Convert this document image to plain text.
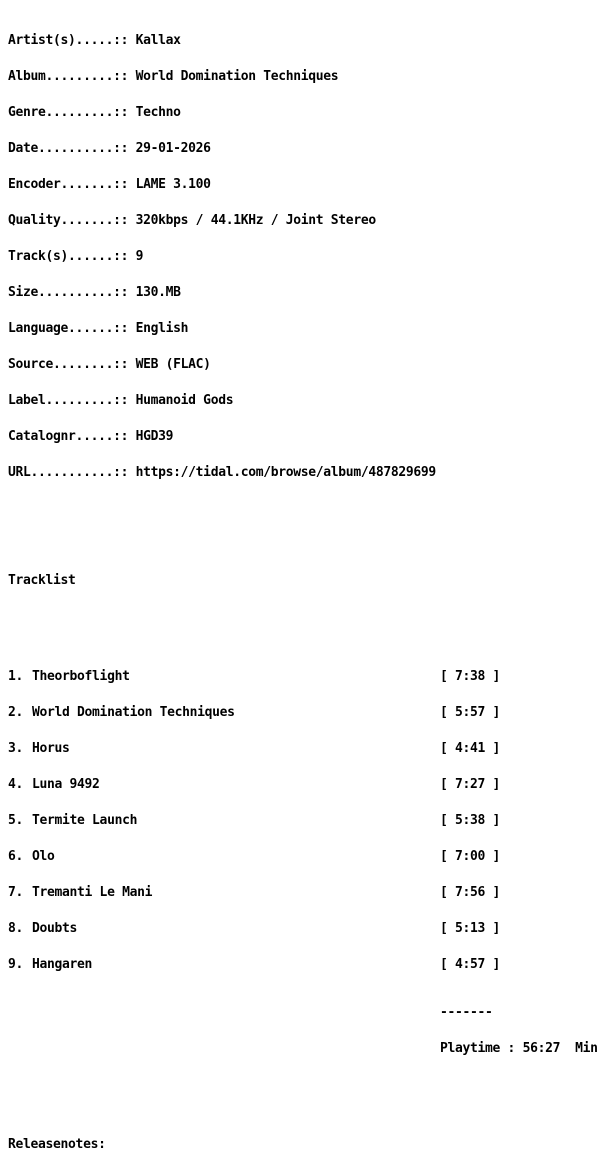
Artist(s).....:: Kallax

Album.........:: World Domination Techniques

Genre.........:: Techno

Date..........:: 29-01-2026

Encoder.......:: LAME 3.100

Quality.......:: 320kbps / 44.1KHz / Joint Stereo

Track(s)......:: 9

Size..........:: 130.MB

Language......:: English

Source........:: WEB (FLAC)

Label.........:: Humanoid Gods

Catalognr.....:: HGD39

URL...........:: https://tidal.com/browse/album/487829699

Tracklist

1. Theorboflight	[ 7:38 ]

2. World Domination Techniques	[ 5:57 ]

3. Horus	[ 4:41 ]

4. Luna 9492	[ 7:27 ]

5. Termite Launch	[ 5:38 ]

6. Olo	[ 7:00 ]

7. Tremanti Le Mani	[ 7:56 ]

8. Doubts	[ 5:13 ]

9. Hangaren	[ 4:57 ]

-------

Playtime : 56:27  Min

Releasenotes:
